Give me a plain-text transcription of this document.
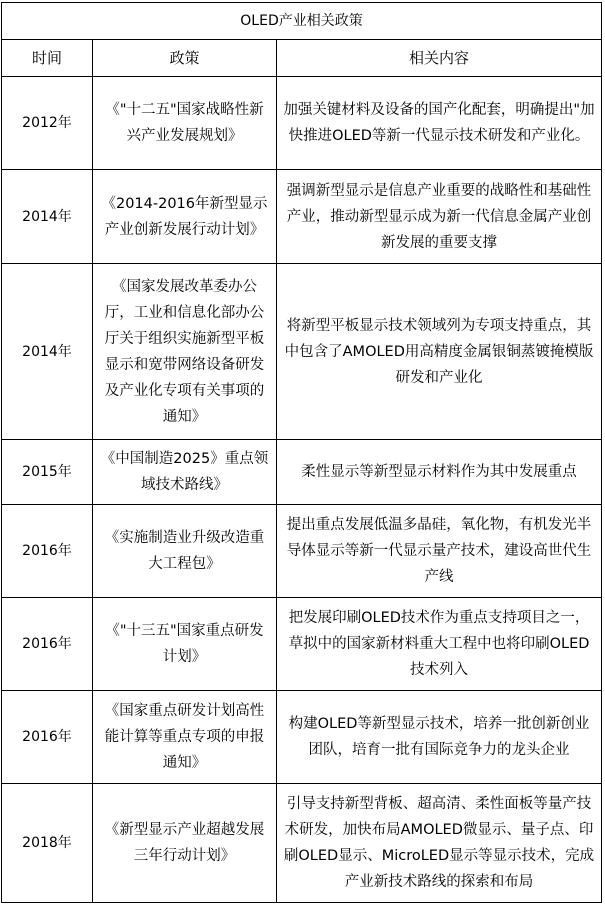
OLED产业相关政策		
时间	政策	相关内容
2012年	《"十二五"国家战略性新兴产业发展规划》	加强关键材料及设备的国产化配套，明确提出"加快推进OLED等新一代显示技术研发和产业化。
2014年	《2014-2016年新型显示产业创新发展行动计划》	强调新型显示是信息产业重要的战略性和基础性产业，推动新型显示成为新一代信息金属产业创新发展的重要支撑
2014年	《国家发展改革委办公厅，工业和信息化部办公厅关于组织实施新型平板显示和宽带网络设备研发及产业化专项有关事项的通知》	将新型平板显示技术领域列为专项支持重点，其中包含了AMOLED用高精度金属银铜蒸镀掩模版研发和产业化
2015年	《中国制造2025》重点领域技术路线》	柔性显示等新型显示材料作为其中发展重点
2016年	《实施制造业升级改造重大工程包》	提出重点发展低温多晶硅，氧化物，有机发光半导体显示等新一代显示量产技术，建设高世代生产线
2016年	《"十三五"国家重点研发计划》	把发展印刷OLED技术作为重点支持项目之一，草拟中的国家新材料重大工程中也将印刷OLED技术列入
2016年	《国家重点研发计划高性能计算等重点专项的申报通知》	构建OLED等新型显示技术，培养一批创新创业团队，培育一批有国际竞争力的龙头企业
2018年	《新型显示产业超越发展三年行动计划》	引导支持新型背板、超高清、柔性面板等量产技术研发，加快布局AMOLED微显示、量子点、印刷OLED显示、MicroLED显示等显示技术，完成产业新技术路线的探索和布局
